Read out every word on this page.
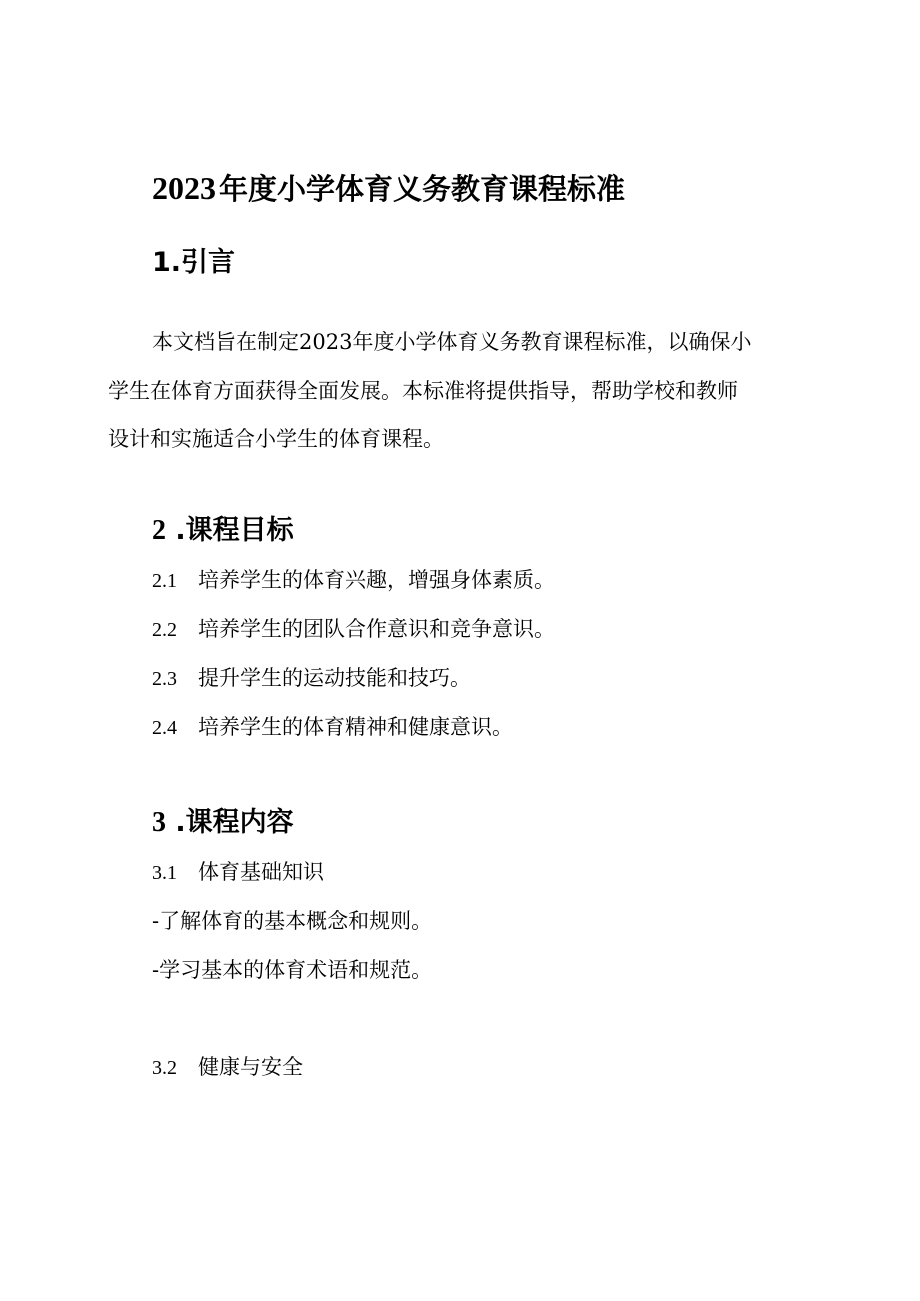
2023 年度小学体育义务教育课程标准
1.引言

本文档旨在制定2023年度小学体育义务教育课程标准，以确保小
学生在体育方面获得全面发展。本标准将提供指导，帮助学校和教师
设计和实施适合小学生的体育课程。

2 .课程目标
2.1 培养学生的体育兴趣，增强身体素质。
2.2 培养学生的团队合作意识和竞争意识。
2.3 提升学生的运动技能和技巧。
2.4 培养学生的体育精神和健康意识。
3 .课程内容
3.1 体育基础知识
-了解体育的基本概念和规则。
-学习基本的体育术语和规范。
3.2 健康与安全
